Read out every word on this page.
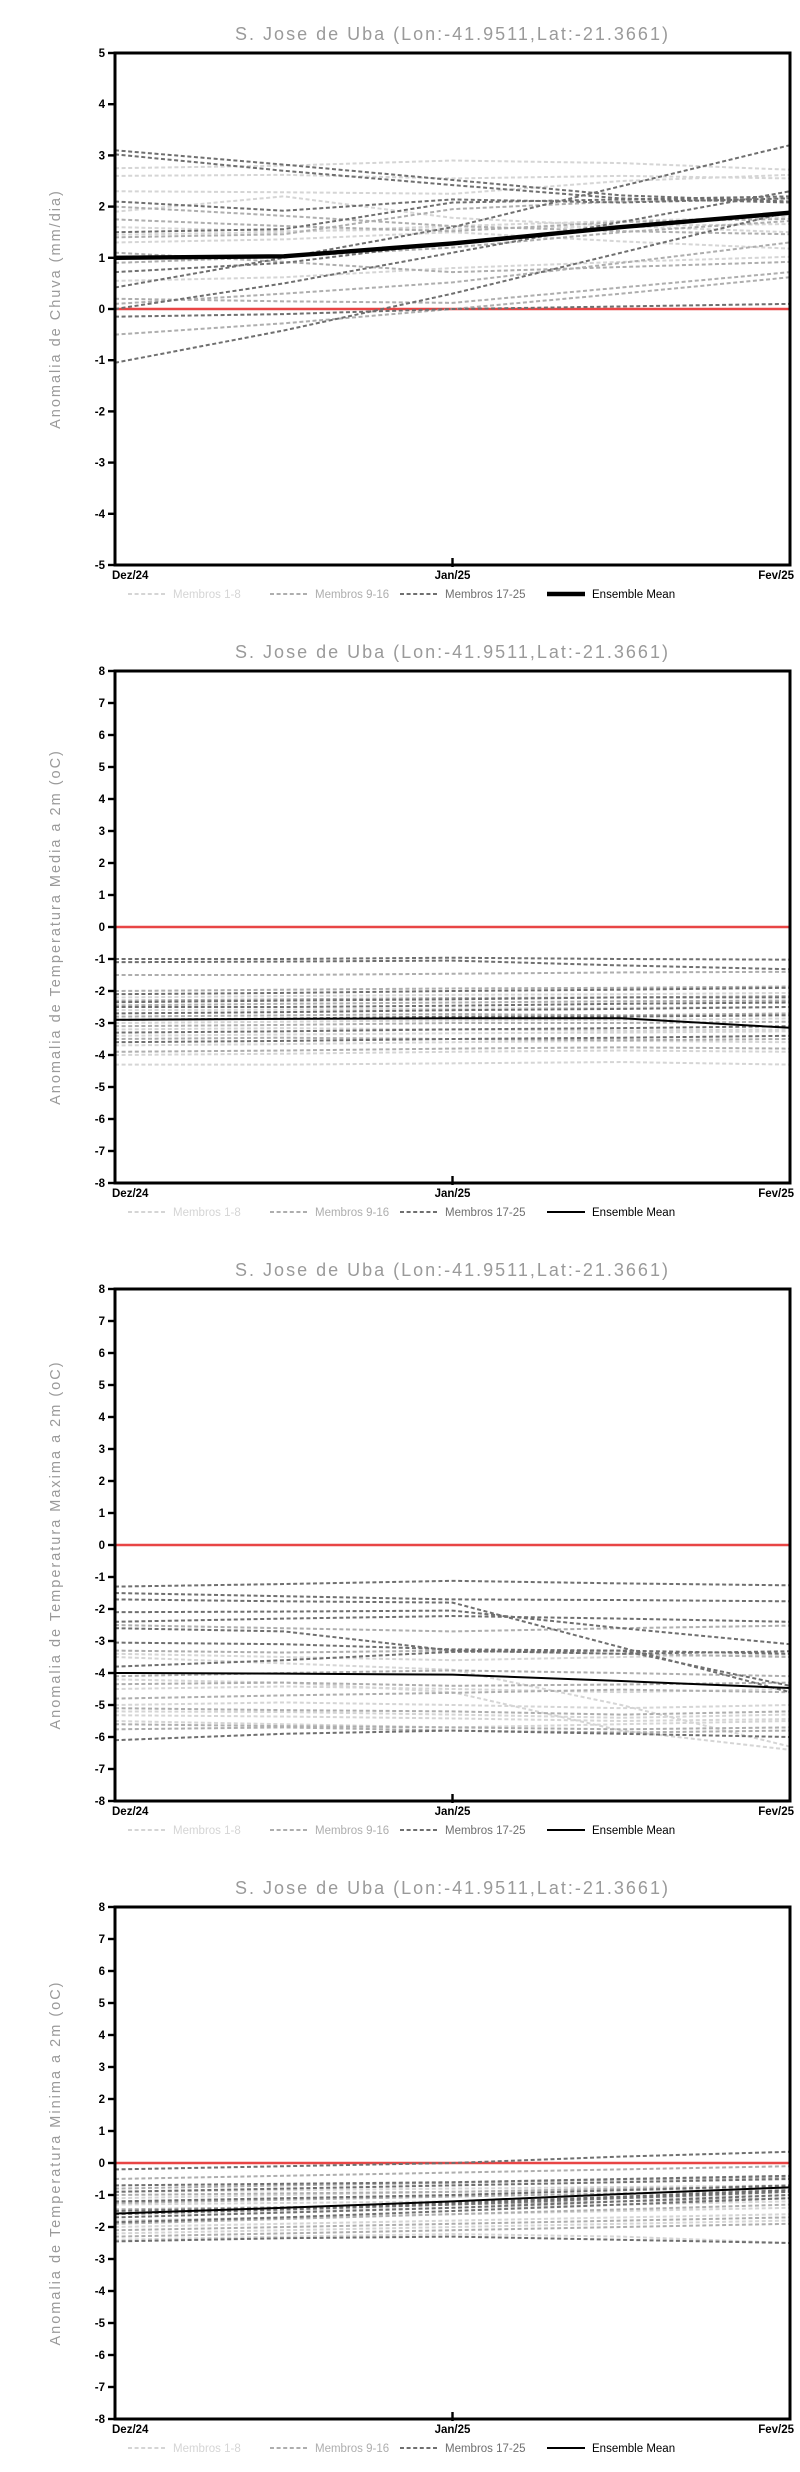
S. Jose de Uba (Lon:-41.9511,Lat:-21.3661)
Anomalia de Chuva (mm/dia)
-5
-4
-3
-2
-1
0
1
2
3
4
5
Dez/24	Jan/25	Fev/25
Membros 1-8	Membros 9-16	Membros 17-25	Ensemble Mean
S. Jose de Uba (Lon:-41.9511,Lat:-21.3661)
Anomalia de Temperatura Media a 2m (oC)
-8
-7
-6
-5
-4
-3
-2
-1
0
1
2
3
4
5
6
7
8
Dez/24	Jan/25	Fev/25
Membros 1-8	Membros 9-16	Membros 17-25	Ensemble Mean
S. Jose de Uba (Lon:-41.9511,Lat:-21.3661)
Anomalia de Temperatura Maxima a 2m (oC)
-8
-7
-6
-5
-4
-3
-2
-1
0
1
2
3
4
5
6
7
8
Dez/24	Jan/25	Fev/25
Membros 1-8	Membros 9-16	Membros 17-25	Ensemble Mean
S. Jose de Uba (Lon:-41.9511,Lat:-21.3661)
Anomalia de Temperatura Minima a 2m (oC)
-8
-7
-6
-5
-4
-3
-2
-1
0
1
2
3
4
5
6
7
8
Dez/24	Jan/25	Fev/25
Membros 1-8	Membros 9-16	Membros 17-25	Ensemble Mean
